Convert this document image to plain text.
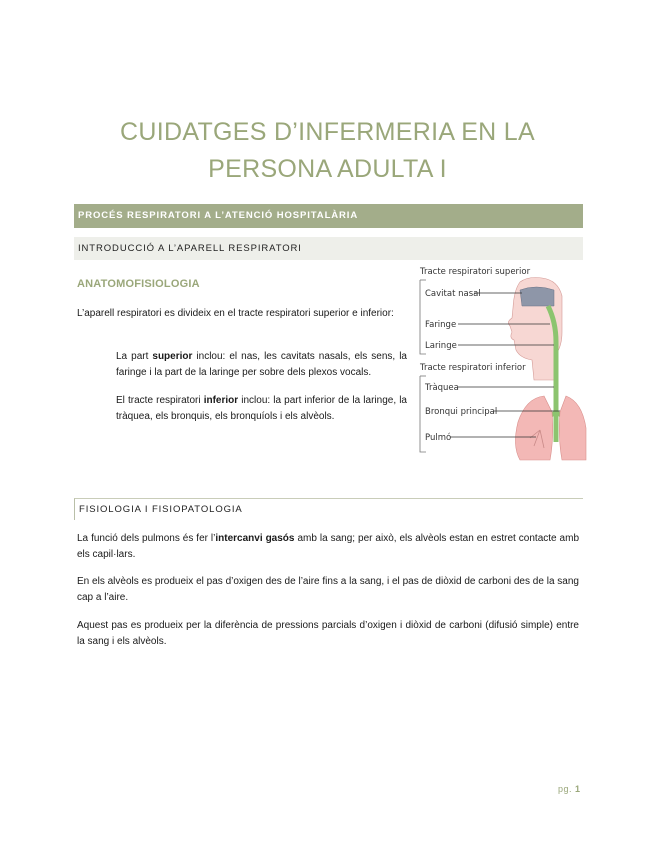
CUIDATGES D’INFERMERIA EN LA
PERSONA ADULTA I
PROCÉS RESPIRATORI A L’ATENCIÓ HOSPITALÀRIA
INTRODUCCIÓ A L’APARELL RESPIRATORI
ANATOMOFISIOLOGIA
L’aparell respiratori es divideix en el tracte respiratori superior e inferior:
La part superior inclou: el nas, les cavitats nasals, els sens, la faringe i la part de la laringe per sobre dels plexos vocals.
El tracte respiratori inferior inclou: la part inferior de la laringe, la tràquea, els bronquis, els bronquíols i els alvèols.
Tracte respiratori superior
Cavitat nasal
Faringe
Laringe
Tracte respiratori inferior
Tràquea
Bronqui principal
Pulmó
FISIOLOGIA I FISIOPATOLOGIA
La funció dels pulmons és fer l’intercanvi gasós amb la sang; per això, els alvèols estan en estret contacte amb els capil·lars.
En els alvèols es produeix el pas d’oxigen des de l’aire fins a la sang, i el pas de diòxid de carboni des de la sang cap a l’aire.
Aquest pas es produeix per la diferència de pressions parcials d’oxigen i diòxid de carboni (difusió simple) entre la sang i els alvèols.
pg. 1
